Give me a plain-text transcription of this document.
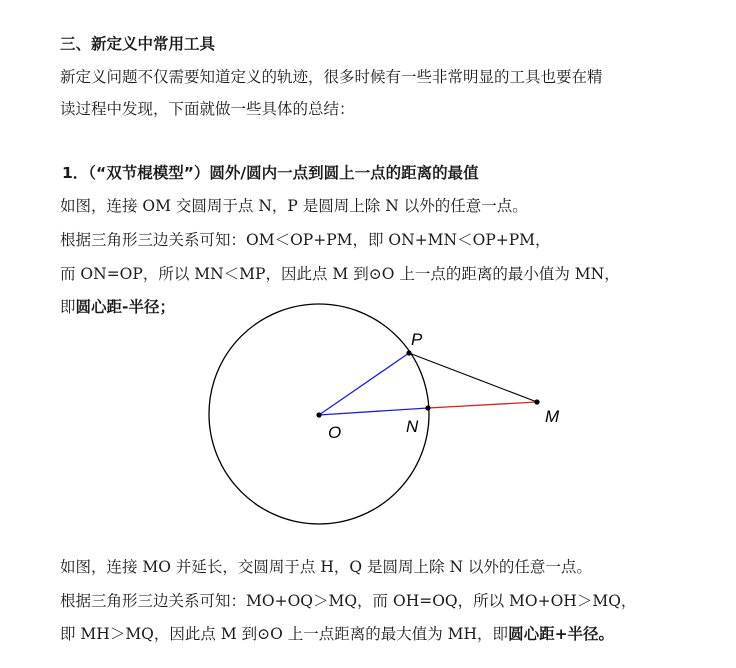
三、新定义中常用工具
新定义问题不仅需要知道定义的轨迹，很多时候有一些非常明显的工具也要在精
读过程中发现，下面就做一些具体的总结：
1．（“双节棍模型”）圆外/圆内一点到圆上一点的距离的最值
如图，连接 OM 交圆周于点 N，P 是圆周上除 N 以外的任意一点。
根据三角形三边关系可知：OM＜OP+PM，即 ON+MN＜OP+PM，
而 ON=OP，所以 MN＜MP，因此点 M 到⊙O 上一点的距离的最小值为 MN，
即圆心距-半径；
O	N
P
M
如图，连接 MO 并延长，交圆周于点 H，Q 是圆周上除 N 以外的任意一点。
根据三角形三边关系可知：MO+OQ＞MQ，而 OH=OQ，所以 MO+OH＞MQ，
即 MH＞MQ，因此点 M 到⊙O 上一点距离的最大值为 MH，即圆心距+半径。
